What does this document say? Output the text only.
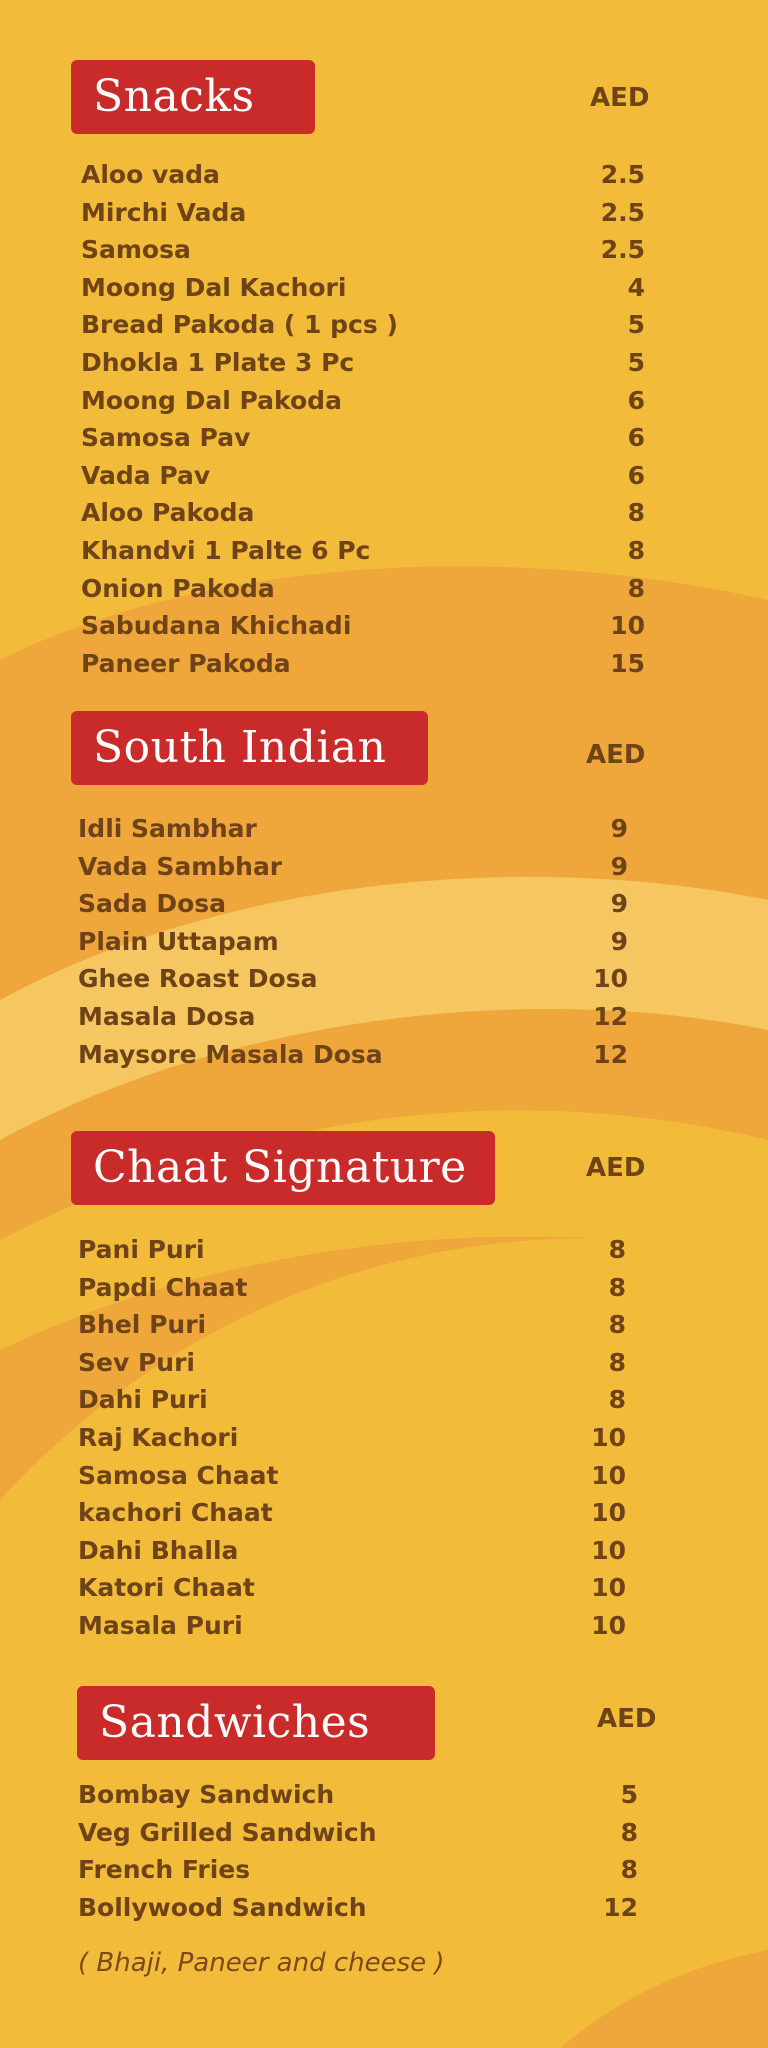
Snacks	AED
Aloo vada	2.5
Mirchi Vada	2.5
Samosa	2.5
Moong Dal Kachori	4
Bread Pakoda ( 1 pcs )	5
Dhokla 1 Plate 3 Pc	5
Moong Dal Pakoda	6
Samosa Pav	6
Vada Pav	6
Aloo Pakoda	8
Khandvi 1 Palte 6 Pc	8
Onion Pakoda	8
Sabudana Khichadi	10
Paneer Pakoda	15
South Indian	AED
Idli Sambhar	9
Vada Sambhar	9
Sada Dosa	9
Plain Uttapam	9
Ghee Roast Dosa	10
Masala Dosa	12
Maysore Masala Dosa	12
Chaat Signature	AED
Pani Puri	8
Papdi Chaat	8
Bhel Puri	8
Sev Puri	8
Dahi Puri	8
Raj Kachori	10
Samosa Chaat	10
kachori Chaat	10
Dahi Bhalla	10
Katori Chaat	10
Masala Puri	10
Sandwiches	AED
Bombay Sandwich	5
Veg Grilled Sandwich	8
French Fries	8
Bollywood Sandwich	12
( Bhaji, Paneer and cheese )
